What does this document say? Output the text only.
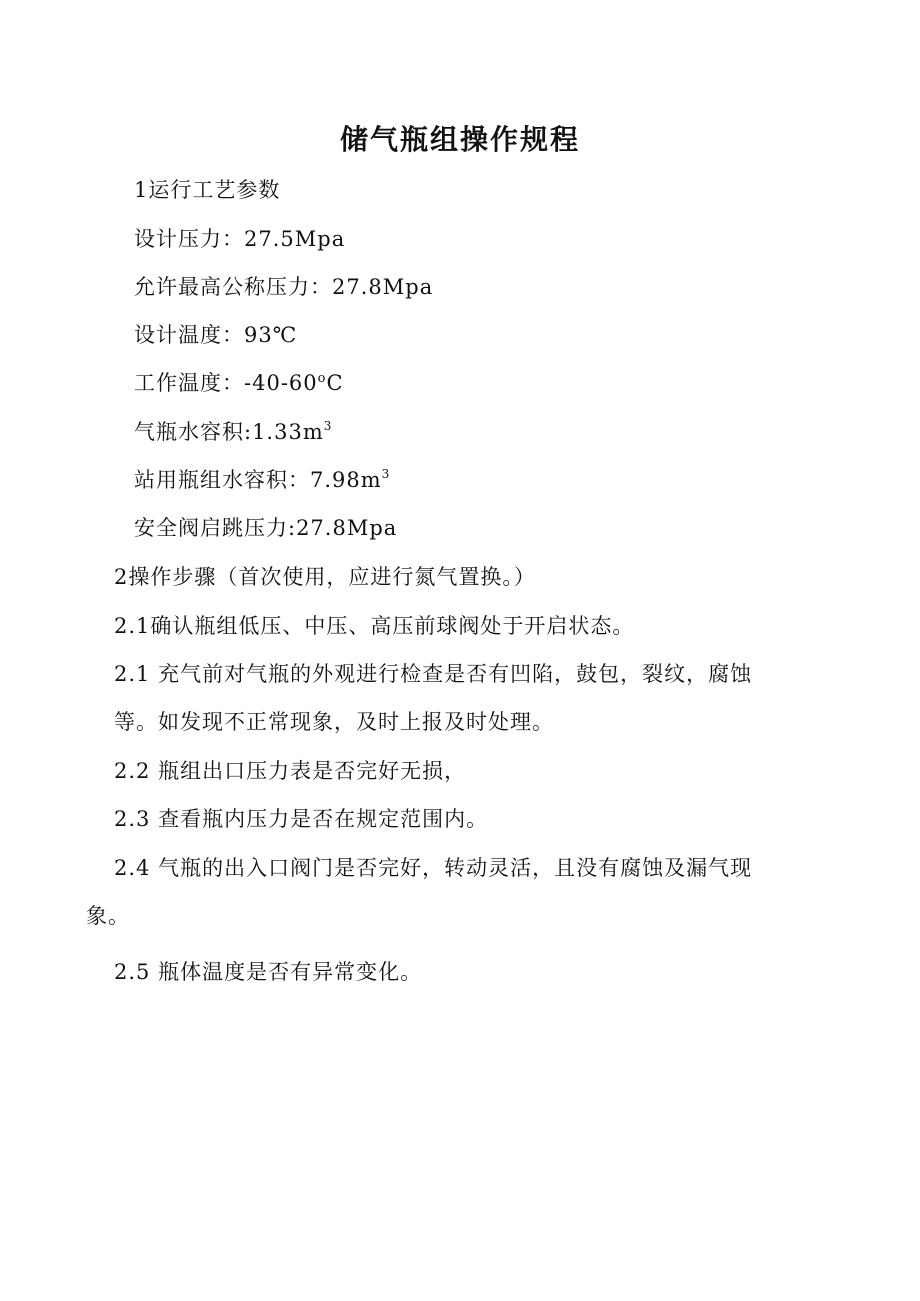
储气瓶组操作规程

1运行工艺参数

设计压力：27.5Mpa

允许最高公称压力：27.8Mpa

设计温度：93℃

工作温度：-40-60$^o$C

气瓶水容积$:1.33m^3$

站用瓶组水容积：$7.98m^3$

安全阀启跳压力:27.8Mpa

2操作步骤（首次使用，应进行氮气置换。）

2.1确认瓶组低压、中压、高压前球阀处于开启状态。

2.1 充气前对气瓶的外观进行检查是否有凹陷，鼓包，裂纹，腐蚀

等。如发现不正常现象，及时上报及时处理。

2.2 瓶组出口压力表是否完好无损，

2.3 查看瓶内压力是否在规定范围内。

2.4 气瓶的出入口阀门是否完好，转动灵活，且没有腐蚀及漏气现

象。

2.5 瓶体温度是否有异常变化。
